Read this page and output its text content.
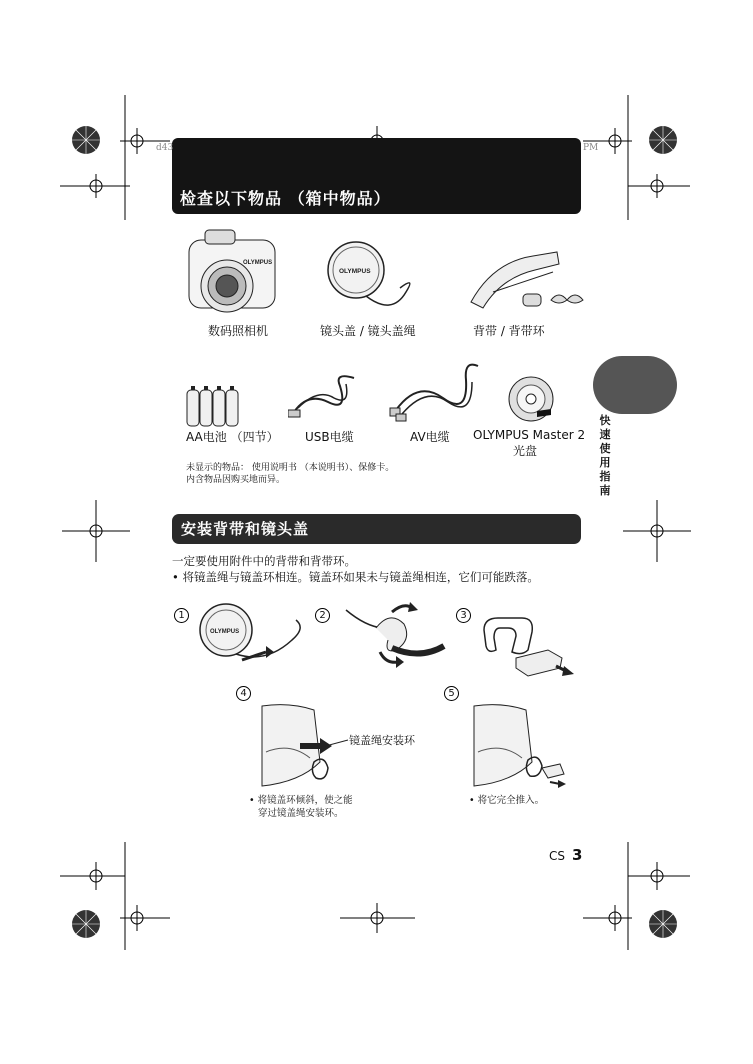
d43	PM
检查以下物品 （箱中物品）
OLYMPUS
OLYMPUS
数码照相机	镜头盖 / 镜头盖绳	背带 / 背带环
快速使用指南
AA电池 （四节） USB电缆	AV电缆 OLYMPUS Master 2
光盘
未显示的物品： 使用说明书 （本说明书）、保修卡。
内含物品因购买地而异。
安装背带和镜头盖
一定要使用附件中的背带和背带环。
• 将镜盖绳与镜盖环相连。镜盖环如果未与镜盖绳相连，它们可能跌落。
1	2	3
4	5
OLYMPUS
镜盖绳安装环
• 将镜盖环倾斜，使之能
穿过镜盖绳安装环。
• 将它完全推入。
CS 3
